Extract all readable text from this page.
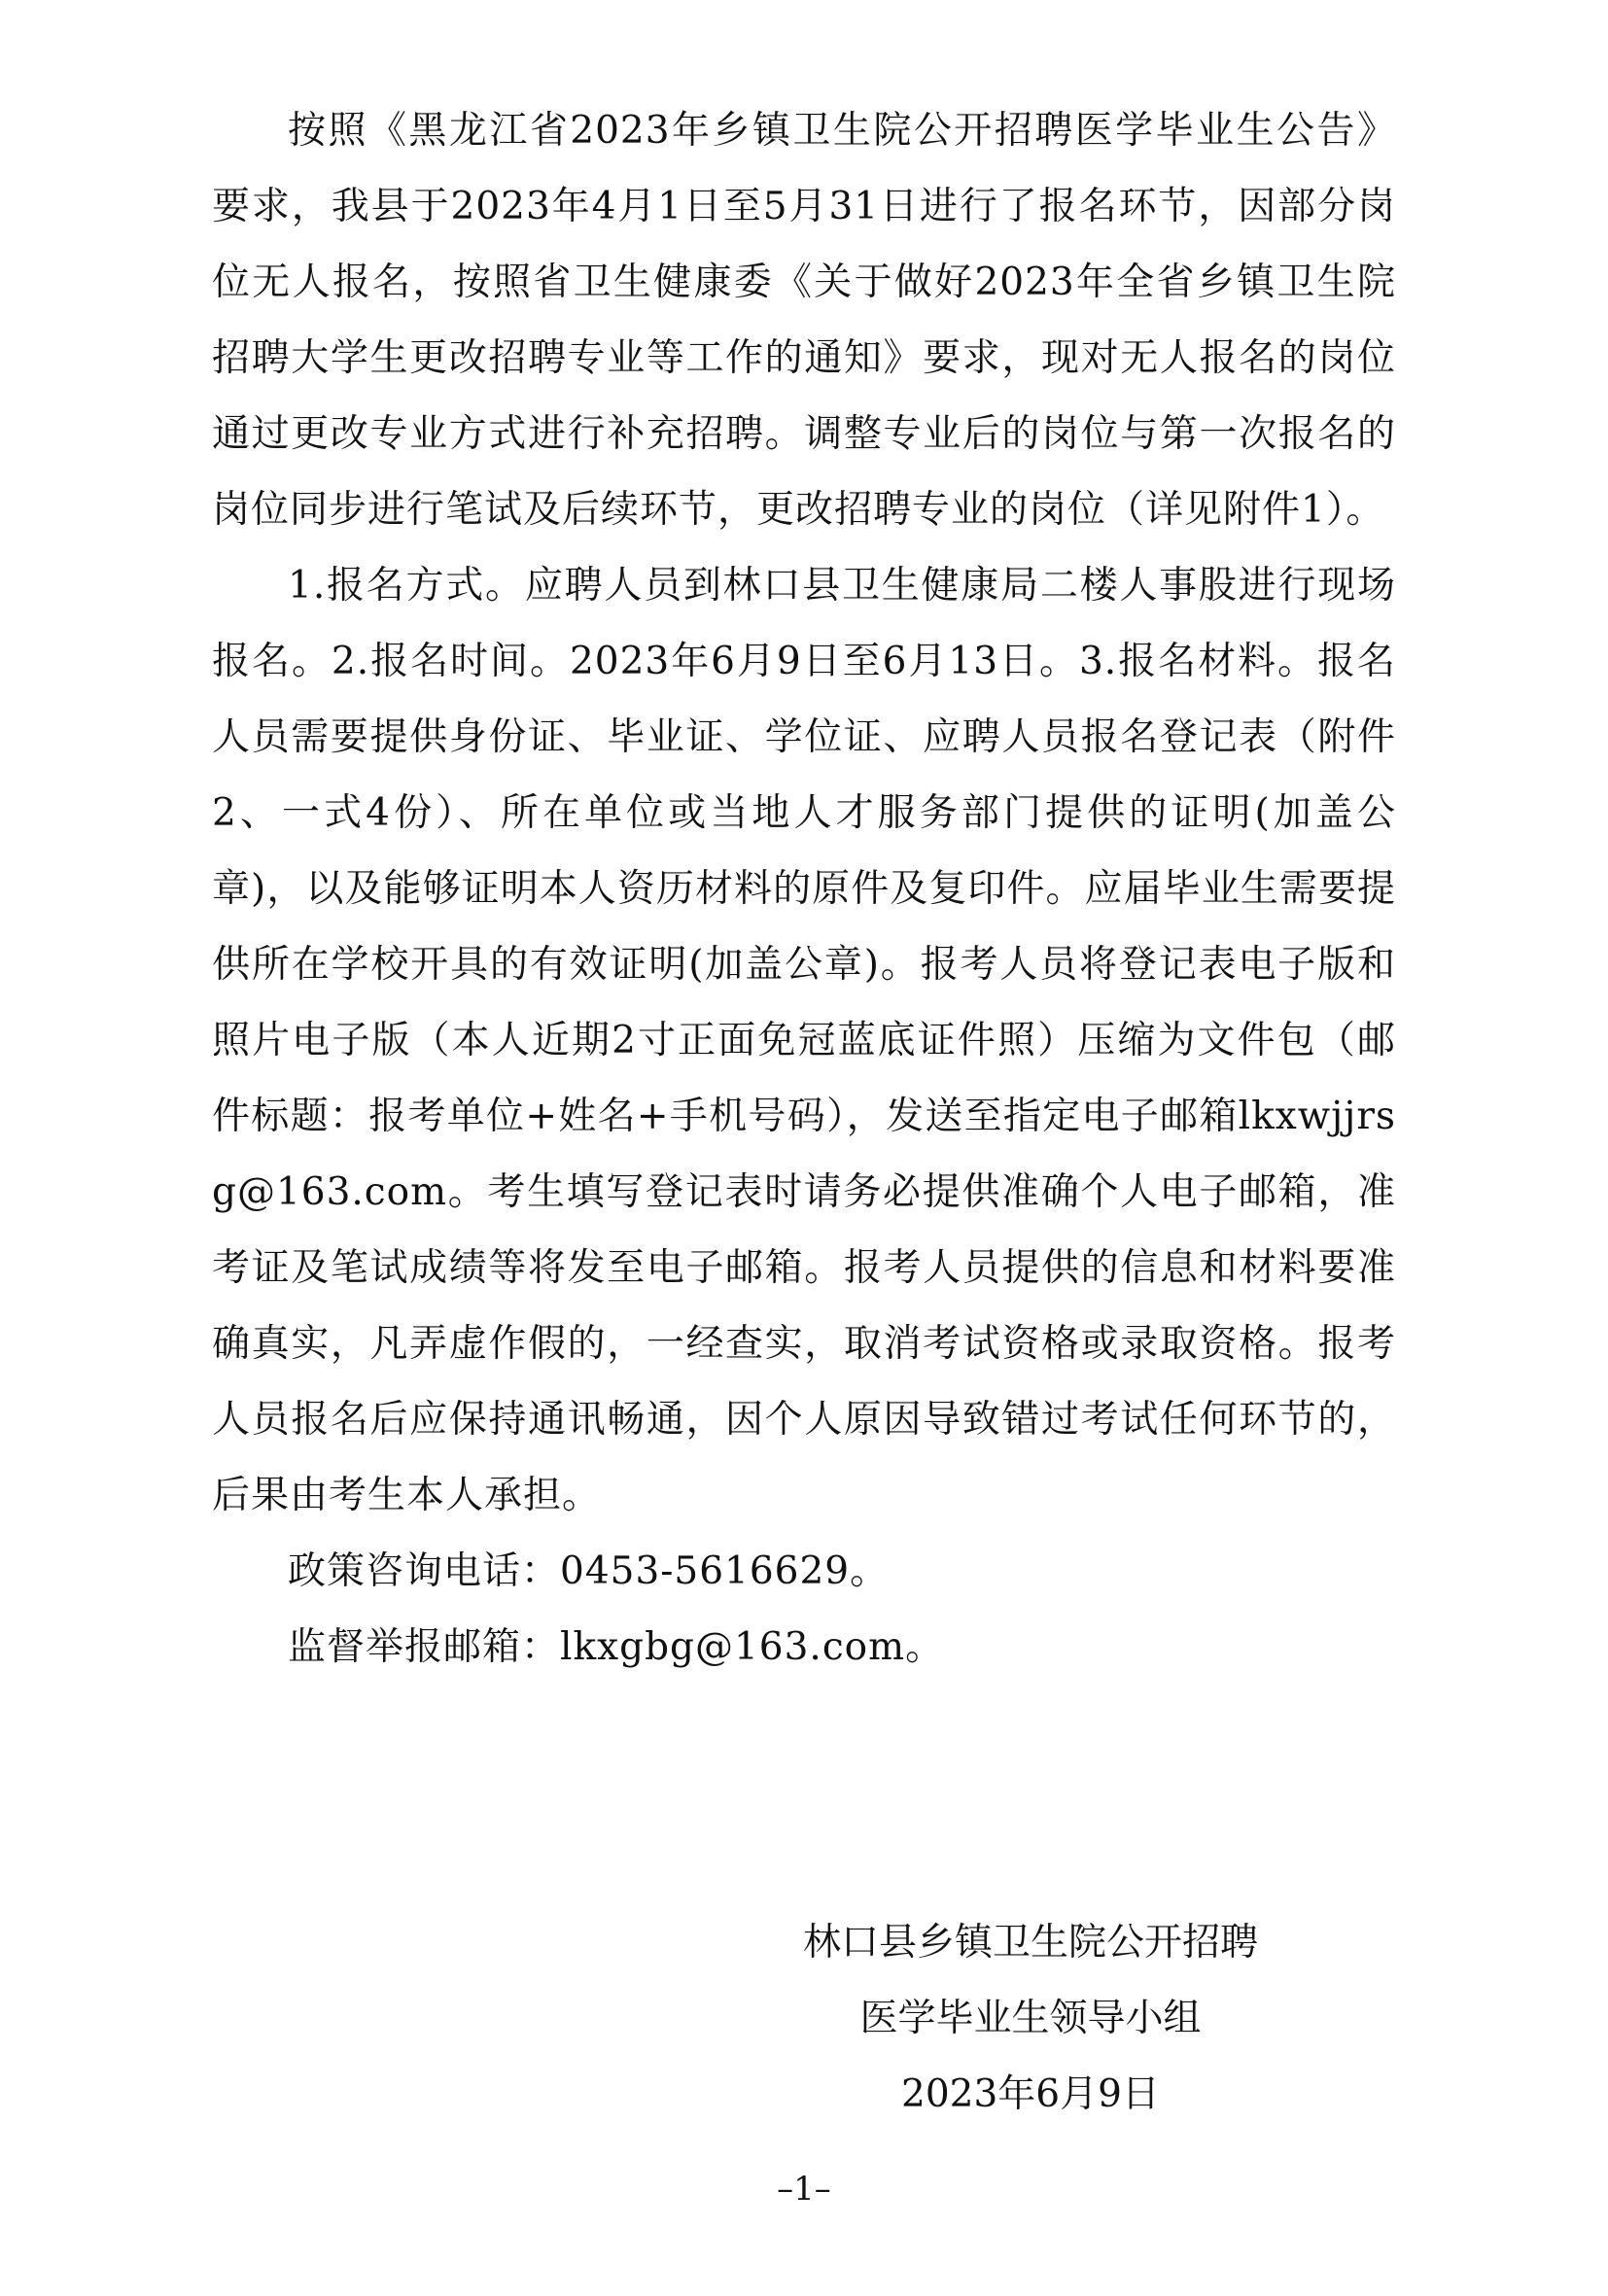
按照《黑龙江省2023年乡镇卫生院公开招聘医学毕业生公告》要求，我县于2023年4月1日至5月31日进行了报名环节，因部分岗位无人报名，按照省卫生健康委《关于做好2023年全省乡镇卫生院招聘大学生更改招聘专业等工作的通知》要求，现对无人报名的岗位通过更改专业方式进行补充招聘。调整专业后的岗位与第一次报名的岗位同步进行笔试及后续环节，更改招聘专业的岗位（详见附件1）。

1.报名方式。应聘人员到林口县卫生健康局二楼人事股进行现场报名。2.报名时间。2023年6月9日至6月13日。3.报名材料。报名人员需要提供身份证、毕业证、学位证、应聘人员报名登记表（附件2、一式4份）、所在单位或当地人才服务部门提供的证明(加盖公章)，以及能够证明本人资历材料的原件及复印件。应届毕业生需要提供所在学校开具的有效证明(加盖公章)。报考人员将登记表电子版和照片电子版（本人近期2寸正面免冠蓝底证件照）压缩为文件包（邮件标题：报考单位+姓名+手机号码），发送至指定电子邮箱lkxwjjrsg@163.com。考生填写登记表时请务必提供准确个人电子邮箱，准考证及笔试成绩等将发至电子邮箱。报考人员提供的信息和材料要准确真实，凡弄虚作假的，一经查实，取消考试资格或录取资格。报考人员报名后应保持通讯畅通，因个人原因导致错过考试任何环节的，后果由考生本人承担。

政策咨询电话：0453-5616629。

监督举报邮箱：lkxgbg@163.com。

林口县乡镇卫生院公开招聘
医学毕业生领导小组
2023年6月9日
–1–
